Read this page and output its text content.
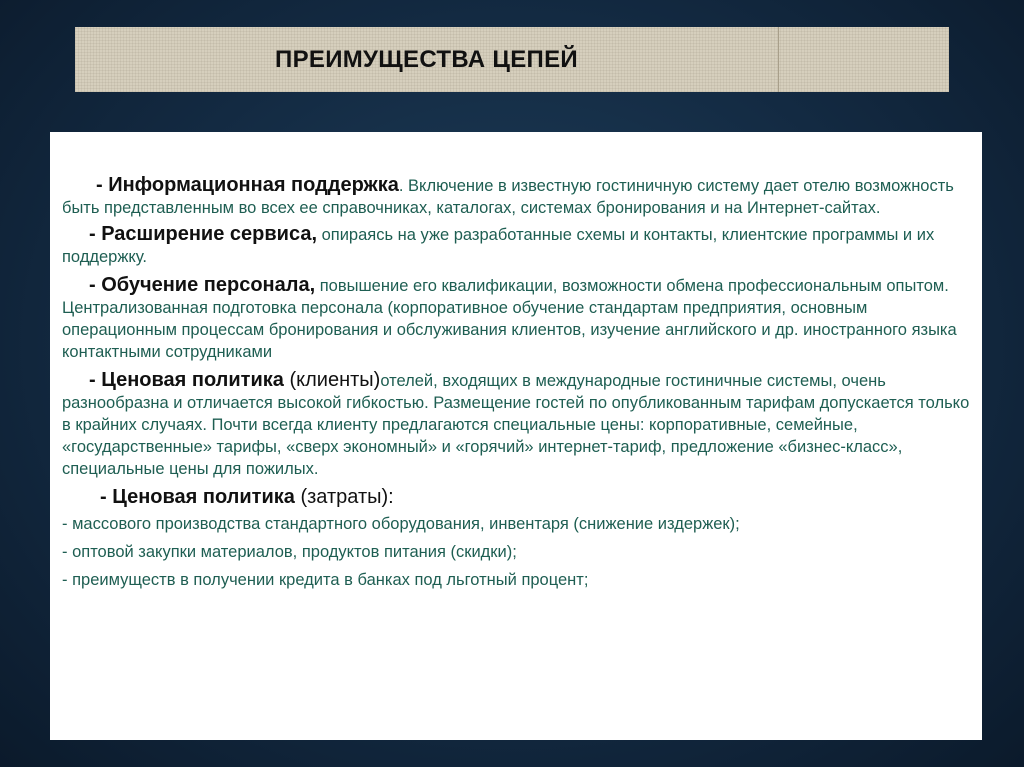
ПРЕИМУЩЕСТВА ЦЕПЕЙ

- Информационная поддержка. Включение в известную гостиничную систему дает отелю возможность быть представленным во всех ее справочниках, каталогах, системах бронирования и на Интернет-сайтах.

- Расширение сервиса, опираясь на уже разработанные схемы и контакты, клиентские программы и их поддержку.

- Обучение персонала, повышение его квалификации, возможности обмена профессиональным опытом. Централизованная подготовка персонала (корпоративное обучение стандартам предприятия, основным операционным процессам бронирования и обслуживания клиентов, изучение английского и др. иностранного языка контактными сотрудниками

- Ценовая политика (клиенты)отелей, входящих в международные гостиничные системы, очень разнообразна и отличается высокой гибкостью. Размещение гостей по опубликованным тарифам допускается только в крайних случаях. Почти всегда клиенту предлагаются специальные цены: корпоративные, семейные, «государственные» тарифы, «сверх экономный» и «горячий» интернет-тариф, предложение «бизнес-класс», специальные цены для пожилых.

- Ценовая политика (затраты):

- массового производства стандартного оборудования, инвентаря (снижение издержек);

- оптовой закупки материалов, продуктов питания (скидки);

- преимуществ в получении кредита в банках под льготный процент;
